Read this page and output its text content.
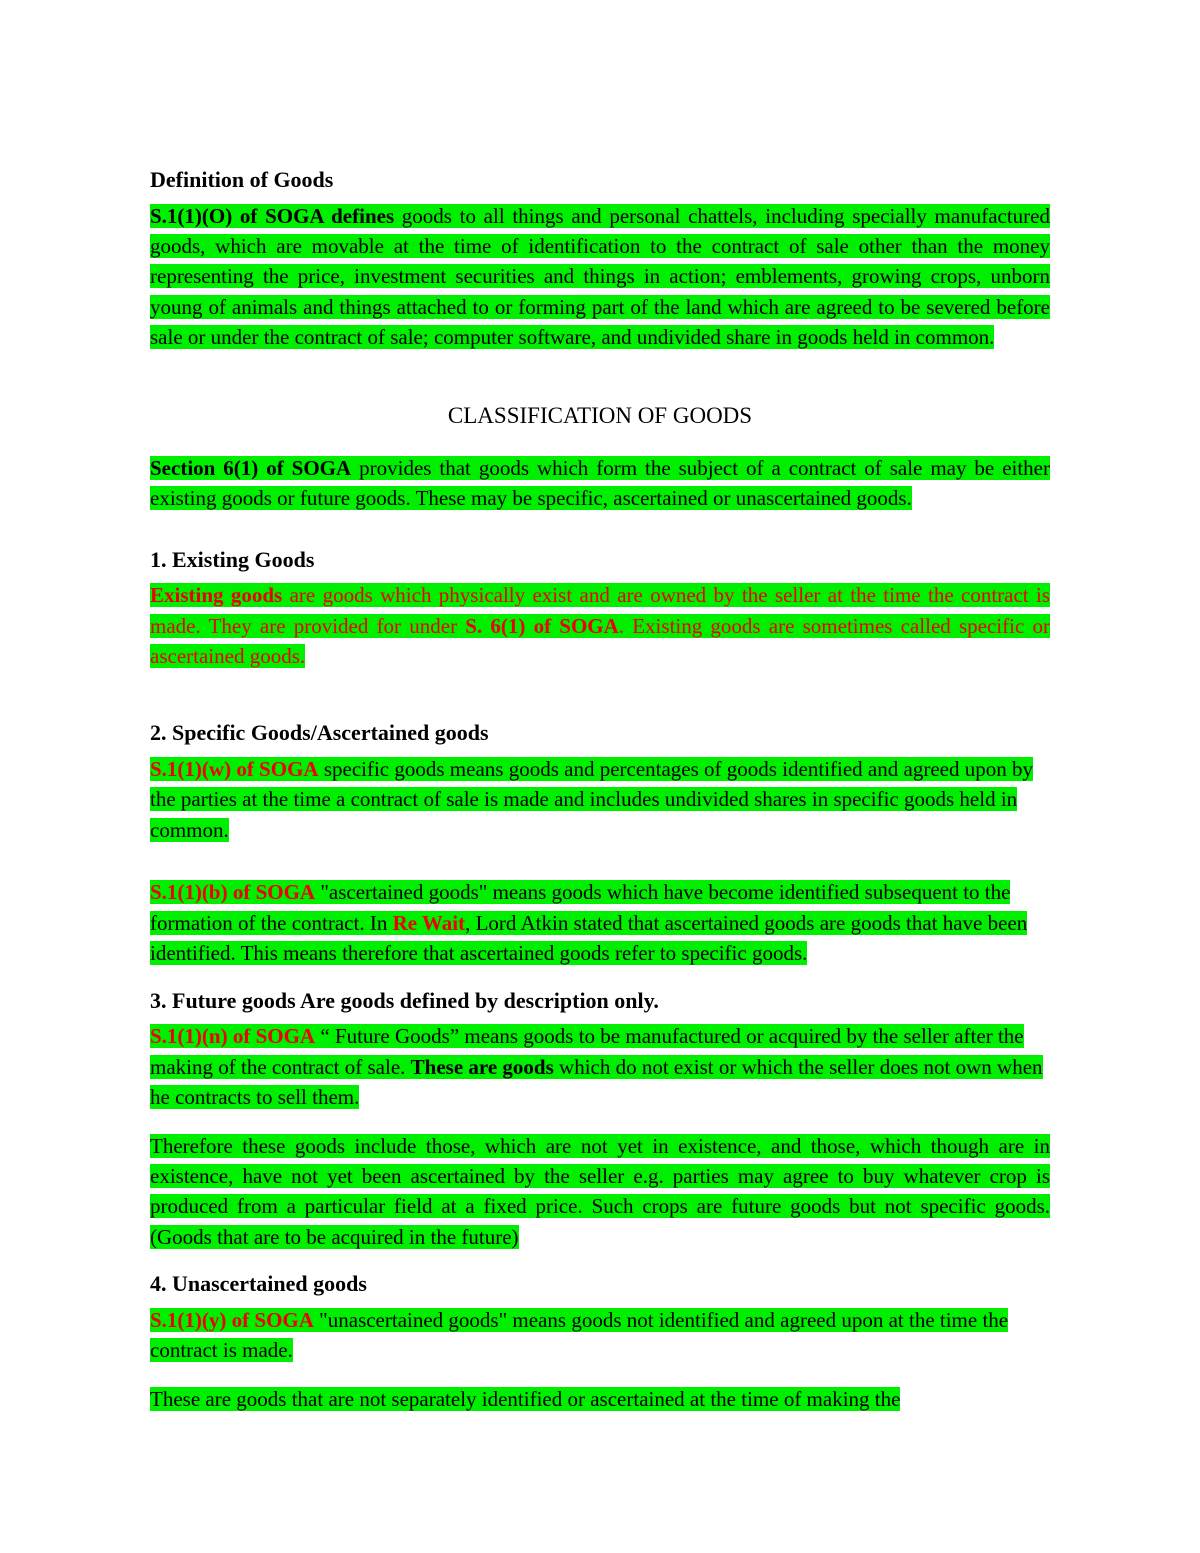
Definition of Goods

S.1(1)(O) of SOGA defines goods to all things and personal chattels, including specially manufactured goods, which are movable at the time of identification to the contract of sale other than the money representing the price, investment securities and things in action; emblements, growing crops, unborn young of animals and things attached to or forming part of the land which are agreed to be severed before sale or under the contract of sale; computer software, and undivided share in goods held in common.

CLASSIFICATION OF GOODS

Section 6(1) of SOGA provides that goods which form the subject of a contract of sale may be either existing goods or future goods. These may be specific, ascertained or unascertained goods.

1. Existing Goods

Existing goods are goods which physically exist and are owned by the seller at the time the contract is made. They are provided for under S. 6(1) of SOGA. Existing goods are sometimes called specific or ascertained goods.

2. Specific Goods/Ascertained goods

S.1(1)(w) of SOGA specific goods means goods and percentages of goods identified and agreed upon by the parties at the time a contract of sale is made and includes undivided shares in specific goods held in common.

S.1(1)(b) of SOGA "ascertained goods" means goods which have become identified subsequent to the formation of the contract. In Re Wait, Lord Atkin stated that ascertained goods are goods that have been identified. This means therefore that ascertained goods refer to specific goods.

3. Future goods Are goods defined by description only.

S.1(1)(n) of SOGA “ Future Goods” means goods to be manufactured or acquired by the seller after the making of the contract of sale. These are goods which do not exist or which the seller does not own when he contracts to sell them.

Therefore these goods include those, which are not yet in existence, and those, which though are in existence, have not yet been ascertained by the seller e.g. parties may agree to buy whatever crop is produced from a particular field at a fixed price. Such crops are future goods but not specific goods. (Goods that are to be acquired in the future)

4. Unascertained goods

S.1(1)(y) of SOGA "unascertained goods" means goods not identified and agreed upon at the time the contract is made.

These are goods that are not separately identified or ascertained at the time of making the
